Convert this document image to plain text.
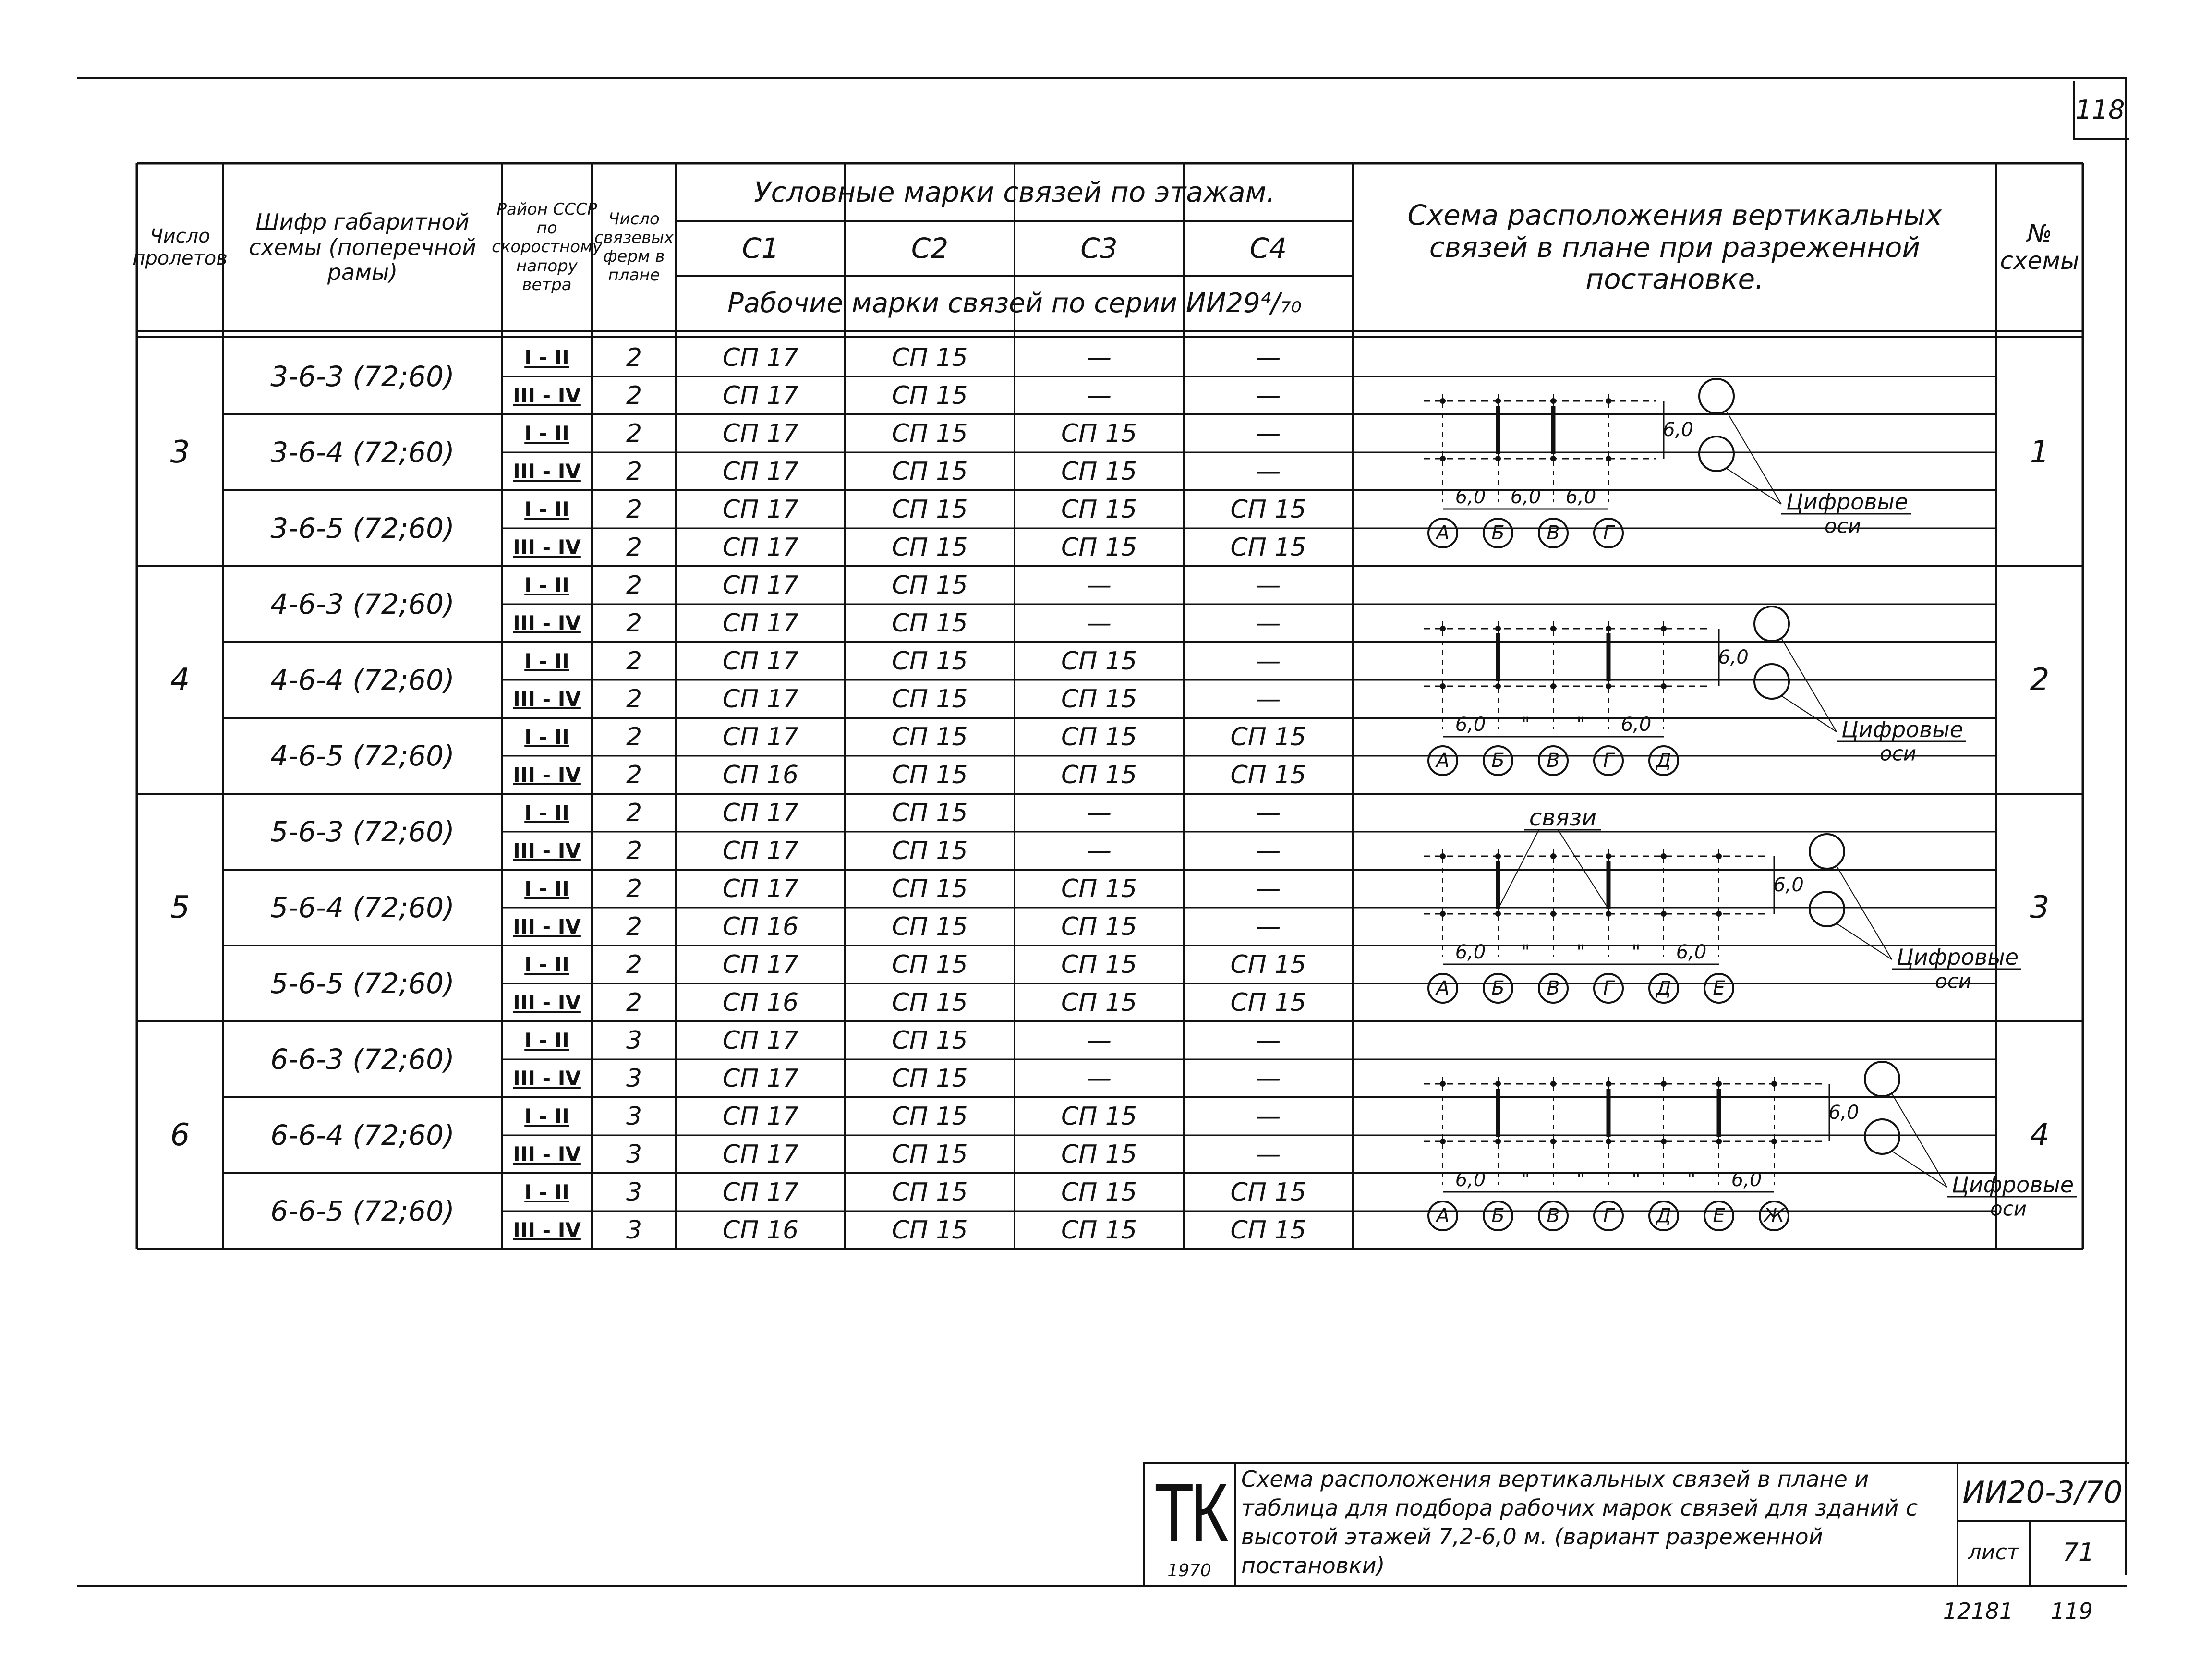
118
А Б В Г
6,0 6,0 6,0
6,0
Цифровые
оси
А Б В Г Д
6,0 " " 6,0
6,0
Цифровые
оси
А Б В Г Д Е
6,0 " " " 6,0
6,0
Цифровые
оси
связи
А Б В Г Д Е Ж
6,0 " " " " 6,0
6,0
Цифровые
оси
Число пролетов
Шифр габаритной схемы (поперечной рамы)
Район СССР по скоростному напору ветра
Число связевых ферм в плане
Условные марки связей по этажам.
С1	С2	С3	С4
Рабочие марки связей по серии ИИ29⁴/₇₀
Схема расположения вертикальных связей в плане при разреженной постановке.
№ схемы
3	1
3-6-3 (72;60)
I - II	2	СП 17	СП 15	—	—
III - IV	2	СП 17	СП 15	—	—
3-6-4 (72;60)
I - II	2	СП 17	СП 15	СП 15	—
III - IV	2	СП 17	СП 15	СП 15	—
3-6-5 (72;60)
I - II	2	СП 17	СП 15	СП 15	СП 15
III - IV	2	СП 17	СП 15	СП 15	СП 15
4	2
4-6-3 (72;60)
I - II	2	СП 17	СП 15	—	—
III - IV	2	СП 17	СП 15	—	—
4-6-4 (72;60)
I - II	2	СП 17	СП 15	СП 15	—
III - IV	2	СП 17	СП 15	СП 15	—
4-6-5 (72;60)
I - II	2	СП 17	СП 15	СП 15	СП 15
III - IV	2	СП 16	СП 15	СП 15	СП 15
5	3
5-6-3 (72;60)
I - II	2	СП 17	СП 15	—	—
III - IV	2	СП 17	СП 15	—	—
5-6-4 (72;60)
I - II	2	СП 17	СП 15	СП 15	—
III - IV	2	СП 16	СП 15	СП 15	—
5-6-5 (72;60)
I - II	2	СП 17	СП 15	СП 15	СП 15
III - IV	2	СП 16	СП 15	СП 15	СП 15
6	4
6-6-3 (72;60)
I - II	3	СП 17	СП 15	—	—
III - IV	3	СП 17	СП 15	—	—
6-6-4 (72;60)
I - II	3	СП 17	СП 15	СП 15	—
III - IV	3	СП 17	СП 15	СП 15	—
6-6-5 (72;60)
I - II	3	СП 17	СП 15	СП 15	СП 15
III - IV	3	СП 16	СП 15	СП 15	СП 15
ТК
1970
Схема расположения вертикальных связей в плане и таблица для подбора рабочих марок связей для зданий с высотой этажей 7,2-6,0 м. (вариант разреженной постановки)
ИИ20-3/70
лист	71
12181	119
